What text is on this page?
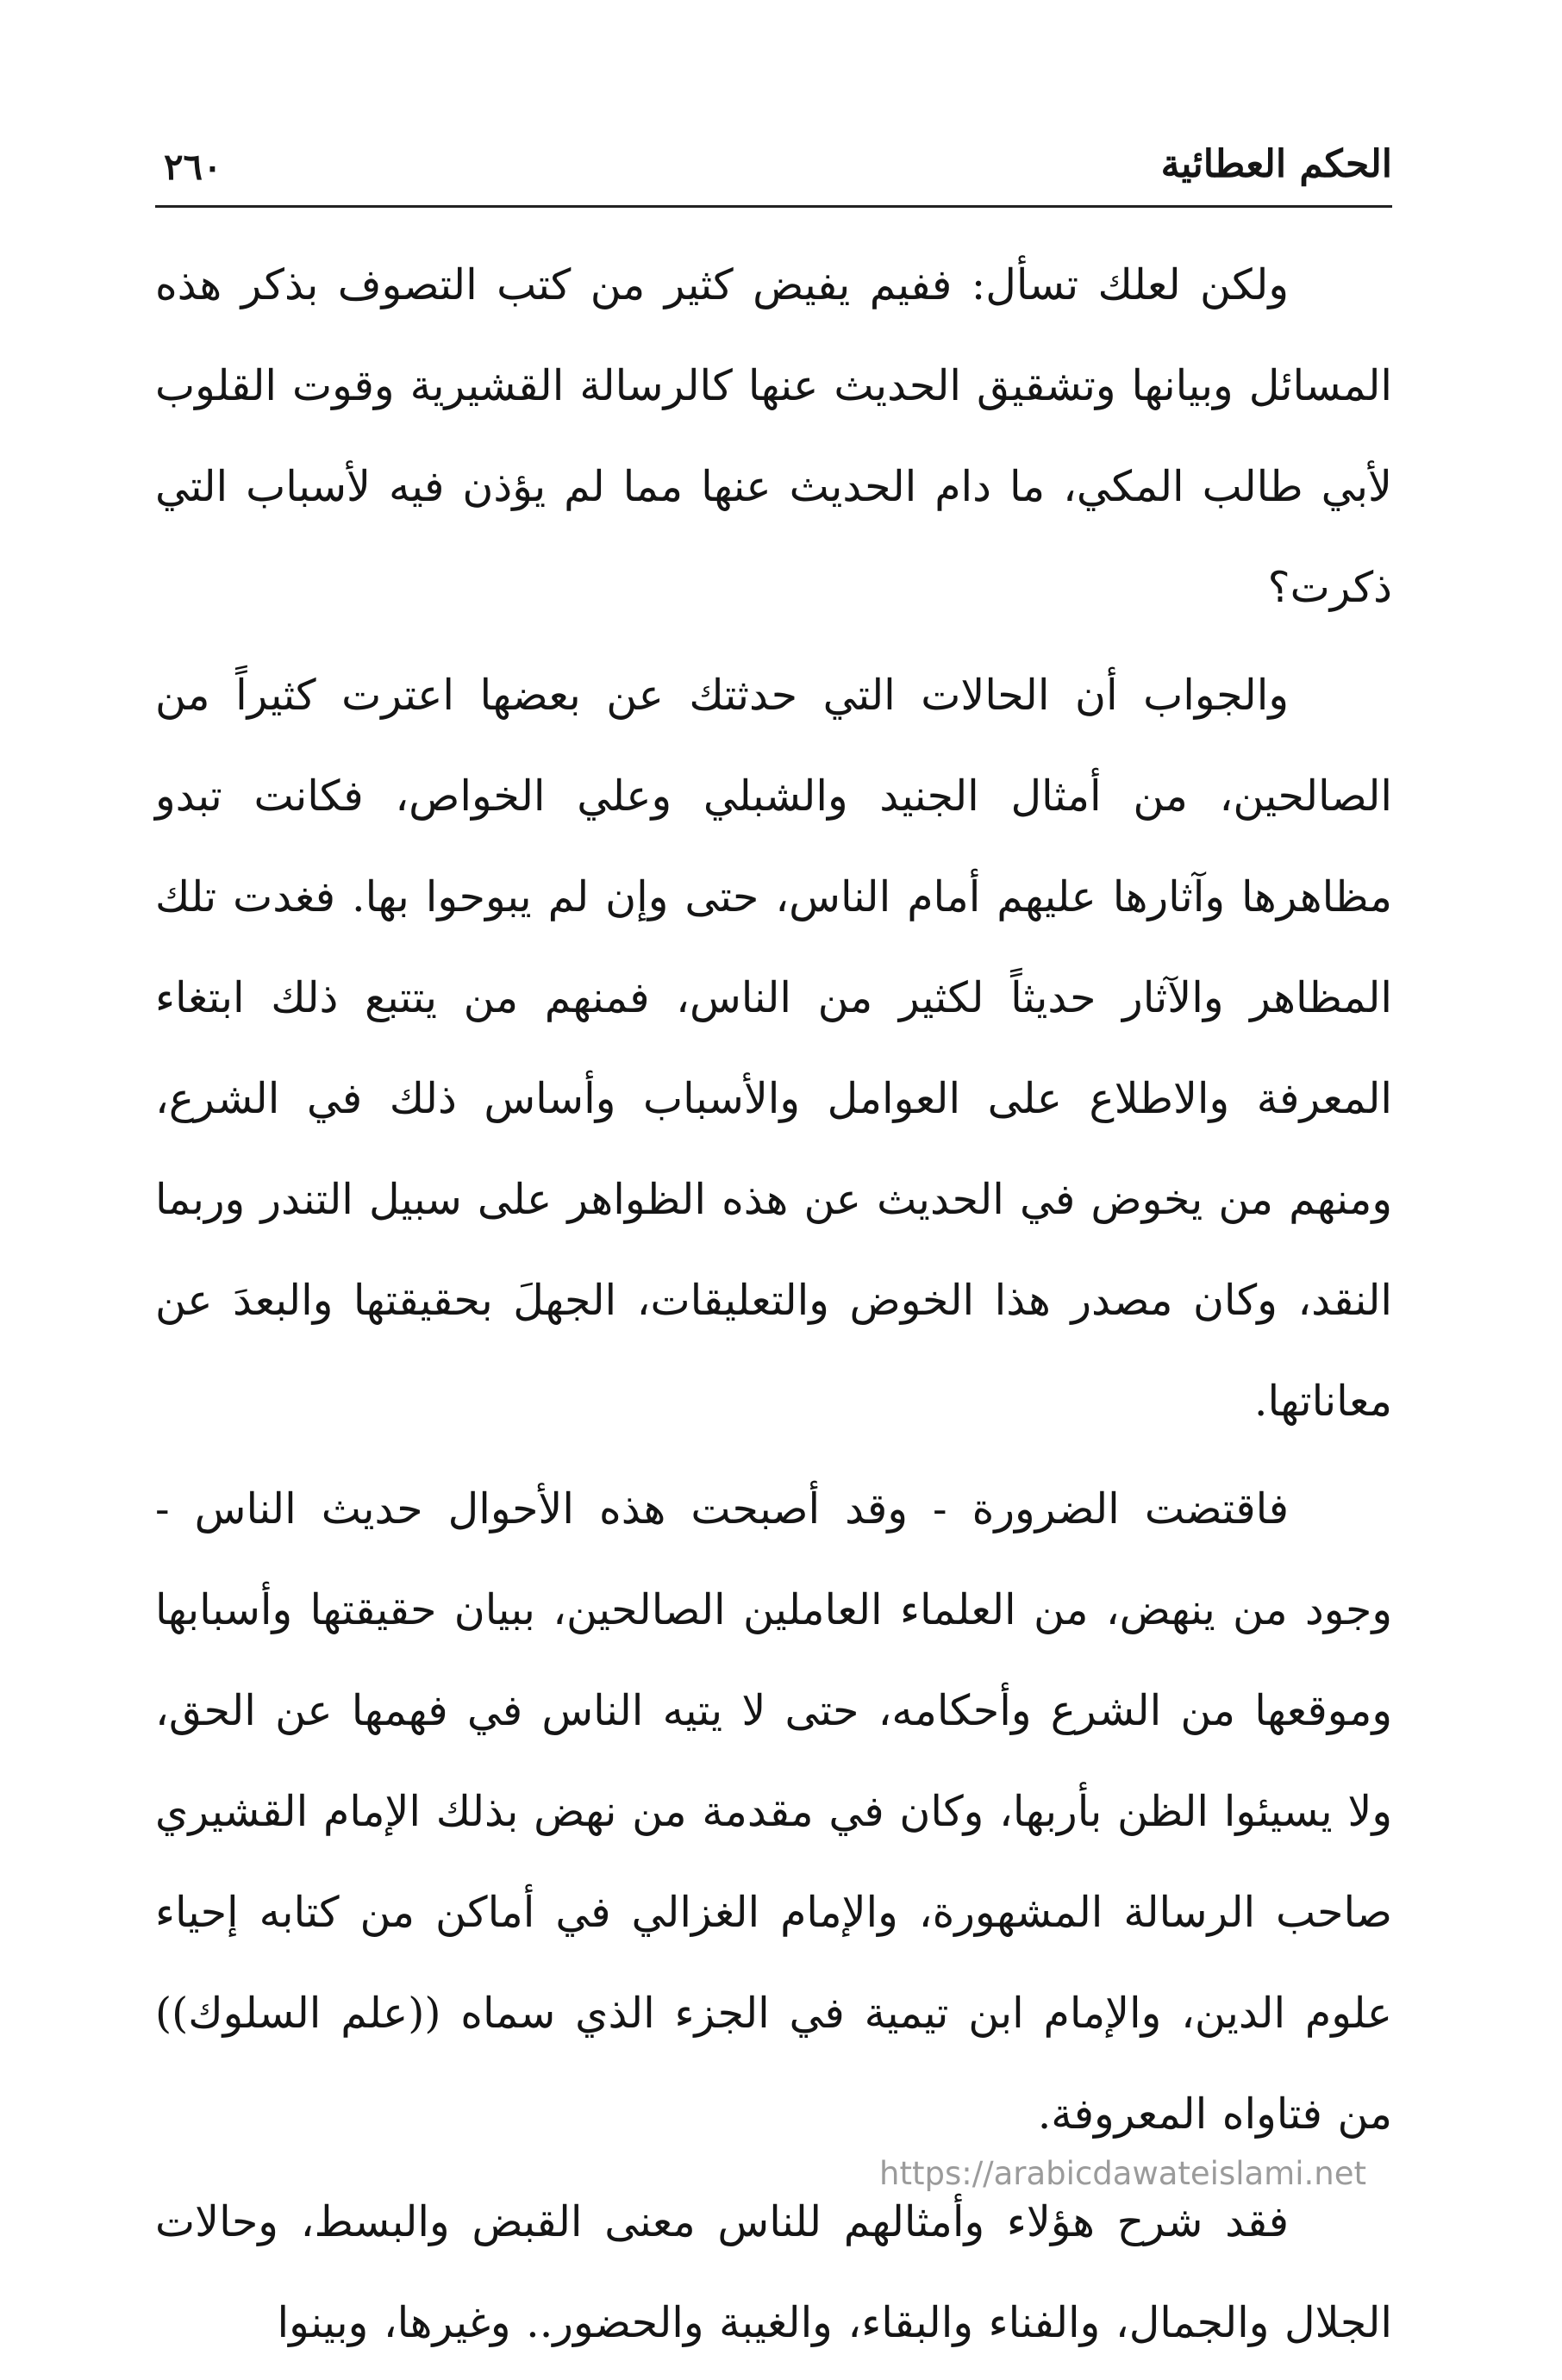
٢٦٠	الحكم العطائية

ولكن لعلك تسأل: ففيم يفيض كثير من كتب التصوف بذكر هذه المسائل وبيانها وتشقيق الحديث عنها كالرسالة القشيرية وقوت القلوب لأبي طالب المكي، ما دام الحديث عنها مما لم يؤذن فيه لأسباب التي ذكرت؟

والجواب أن الحالات التي حدثتك عن بعضها اعترت كثيراً من الصالحين، من أمثال الجنيد والشبلي وعلي الخواص، فكانت تبدو مظاهرها وآثارها عليهم أمام الناس، حتى وإن لم يبوحوا بها. فغدت تلك المظاهر والآثار حديثاً لكثير من الناس، فمنهم من يتتبع ذلك ابتغاء المعرفة والاطلاع على العوامل والأسباب وأساس ذلك في الشرع، ومنهم من يخوض في الحديث عن هذه الظواهر على سبيل التندر وربما النقد، وكان مصدر هذا الخوض والتعليقات، الجهلَ بحقيقتها والبعدَ عن معاناتها.

فاقتضت الضرورة - وقد أصبحت هذه الأحوال حديث الناس - وجود من ينهض، من العلماء العاملين الصالحين، ببيان حقيقتها وأسبابها وموقعها من الشرع وأحكامه، حتى لا يتيه الناس في فهمها عن الحق، ولا يسيئوا الظن بأربها، وكان في مقدمة من نهض بذلك الإمام القشيري صاحب الرسالة المشهورة، والإمام الغزالي في أماكن من كتابه إحياء علوم الدين، والإمام ابن تيمية في الجزء الذي سماه ((علم السلوك)) من فتاواه المعروفة.

فقد شرح هؤلاء وأمثالهم للناس معنى القبض والبسط، وحالات الجلال والجمال، والفناء والبقاء، والغيبة والحضور.. وغيرها، وبينوا

https://arabicdawateislami.net
